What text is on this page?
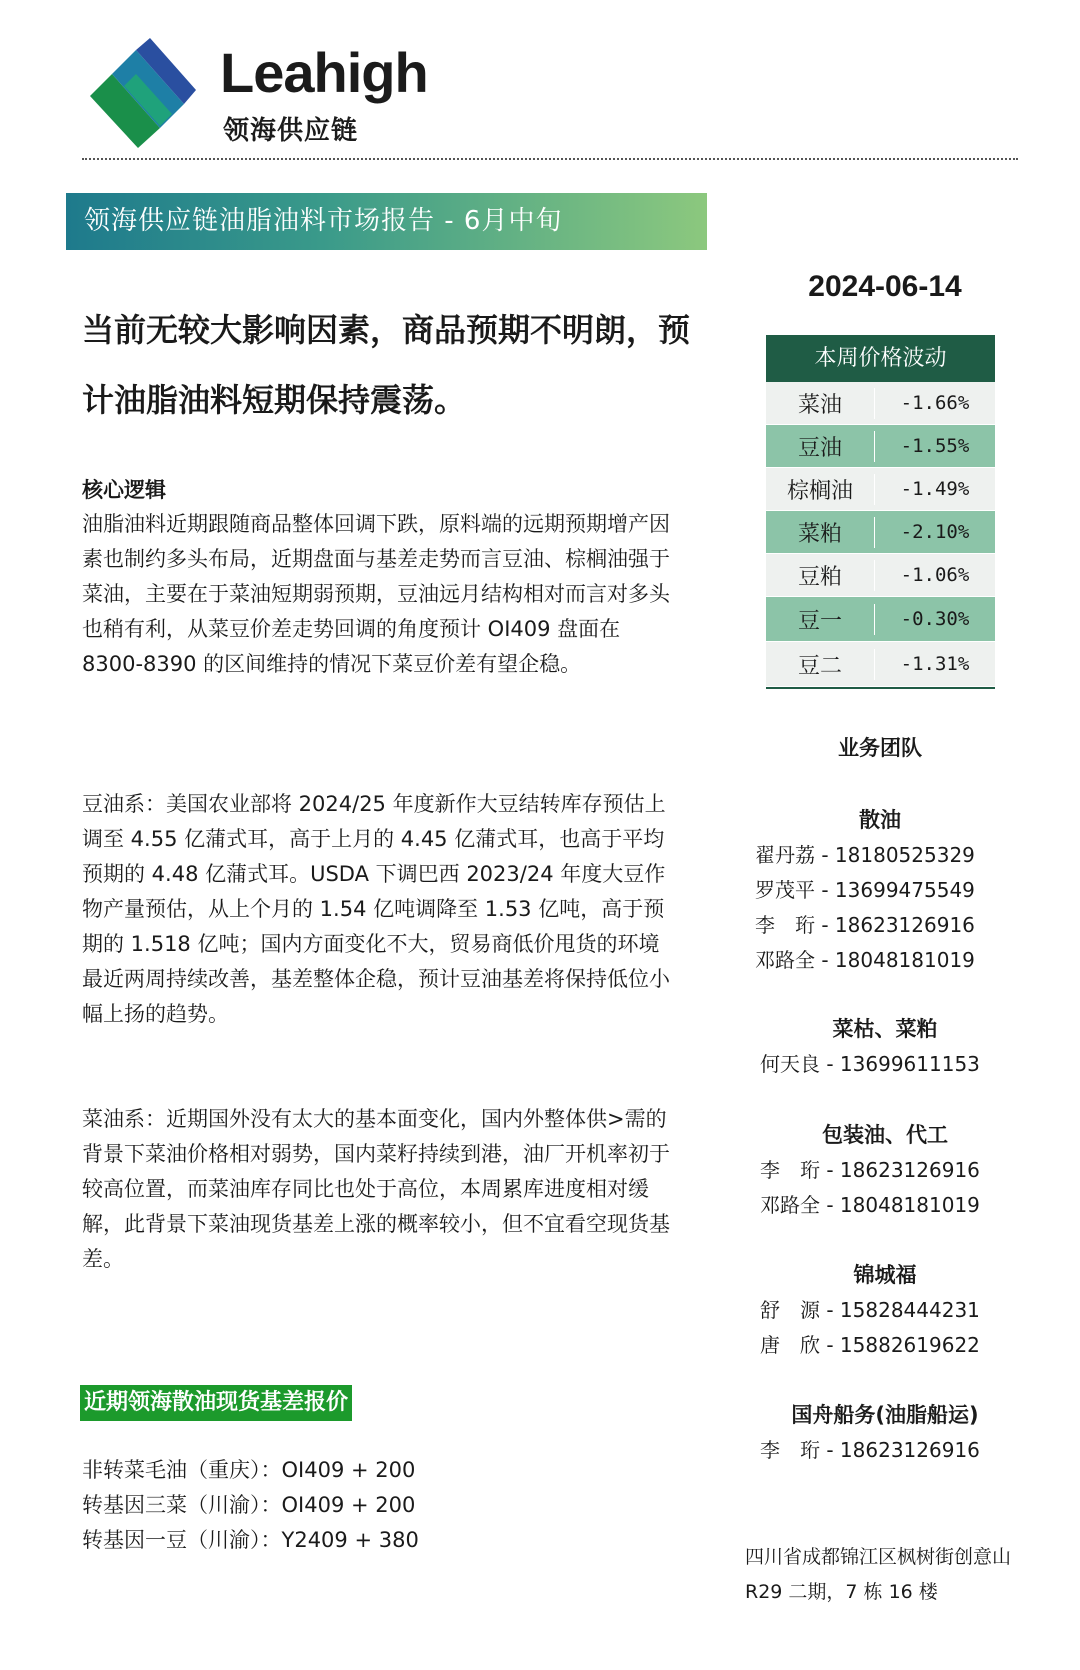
Leahigh
领海供应链
领海供应链油脂油料市场报告 - 6月中旬
当前无较大影响因素，商品预期不明朗，预计油脂油料短期保持震荡。
核心逻辑

油脂油料近期跟随商品整体回调下跌，原料端的远期预期增产因素也制约多头布局，近期盘面与基差走势而言豆油、棕榈油强于菜油，主要在于菜油短期弱预期，豆油远月结构相对而言对多头也稍有利，从菜豆价差走势回调的角度预计 OI409 盘面在 8300-8390 的区间维持的情况下菜豆价差有望企稳。

豆油系：美国农业部将 2024/25 年度新作大豆结转库存预估上调至 4.55 亿蒲式耳，高于上月的 4.45 亿蒲式耳，也高于平均预期的 4.48 亿蒲式耳。USDA 下调巴西 2023/24 年度大豆作物产量预估，从上个月的 1.54 亿吨调降至 1.53 亿吨，高于预期的 1.518 亿吨；国内方面变化不大，贸易商低价甩货的环境最近两周持续改善，基差整体企稳，预计豆油基差将保持低位小幅上扬的趋势。

菜油系：近期国外没有太大的基本面变化，国内外整体供>需的背景下菜油价格相对弱势，国内菜籽持续到港，油厂开机率初于较高位置，而菜油库存同比也处于高位，本周累库进度相对缓解，此背景下菜油现货基差上涨的概率较小，但不宜看空现货基差。

近期领海散油现货基差报价
非转菜毛油（重庆）：OI409 + 200
转基因三菜（川渝）：OI409 + 200
转基因一豆（川渝）：Y2409 + 380
2024-06-14
本周价格波动
菜油	-1.66%
豆油	-1.55%
棕榈油	-1.49%
菜粕	-2.10%
豆粕	-1.06%
豆一	-0.30%
豆二	-1.31%
业务团队
散油
翟丹荔 - 18180525329
罗茂平 - 13699475549
李　珩 - 18623126916
邓路全 - 18048181019
菜枯、菜粕
何天良 - 13699611153
包装油、代工
李　珩 - 18623126916
邓路全 - 18048181019
锦城福
舒　源 - 15828444231
唐　欣 - 15882619622
国舟船务(油脂船运)
李　珩 - 18623126916

四川省成都锦江区枫树街创意山 R29 二期，7 栋 16 楼
